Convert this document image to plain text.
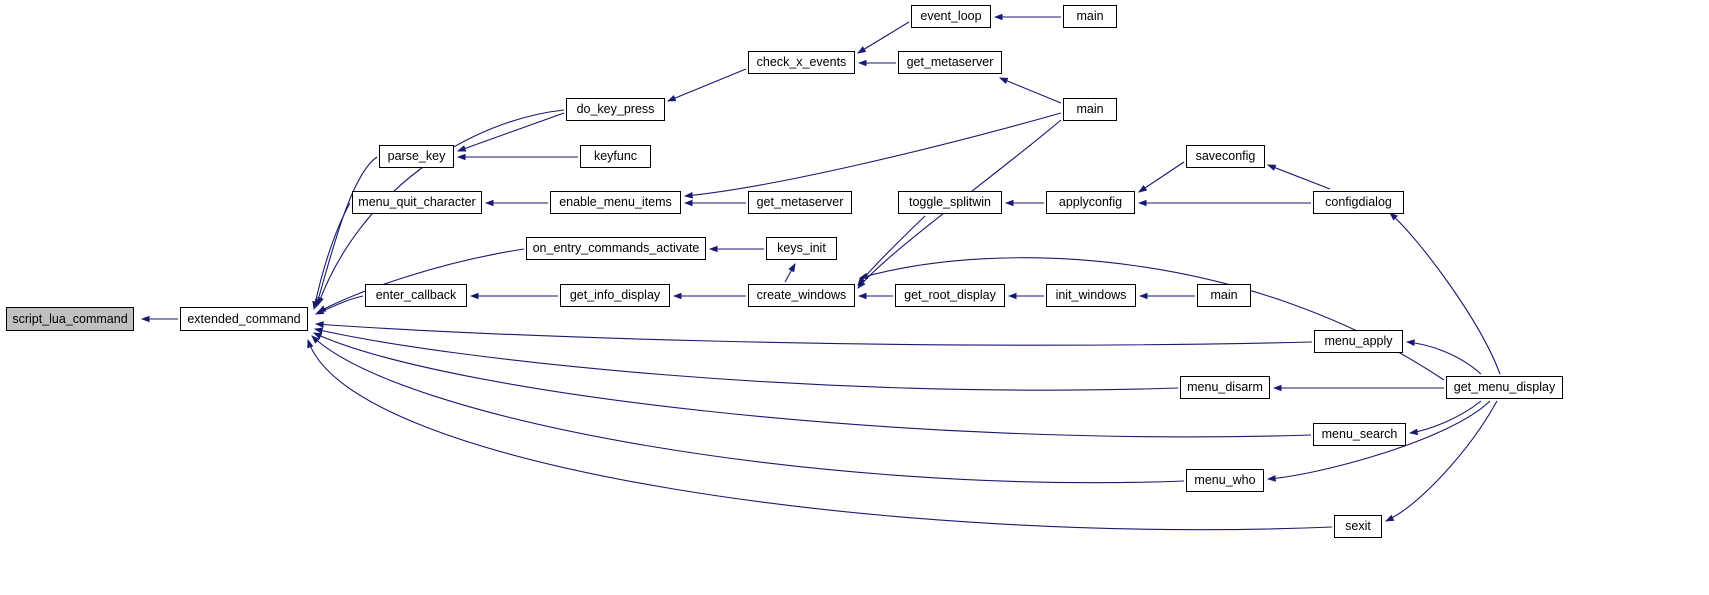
script_lua_command	extended_command
do_key_press
parse_key	keyfunc
check_x_events
event_loop	main
get_metaserver
main
menu_quit_character	enable_menu_items	get_metaserver	toggle_splitwin	applyconfig
saveconfig
configdialog
on_entry_commands_activate	keys_init
enter_callback	get_info_display	create_windows	get_root_display	init_windows	main
menu_apply
menu_disarm	get_menu_display
menu_search
menu_who
sexit
